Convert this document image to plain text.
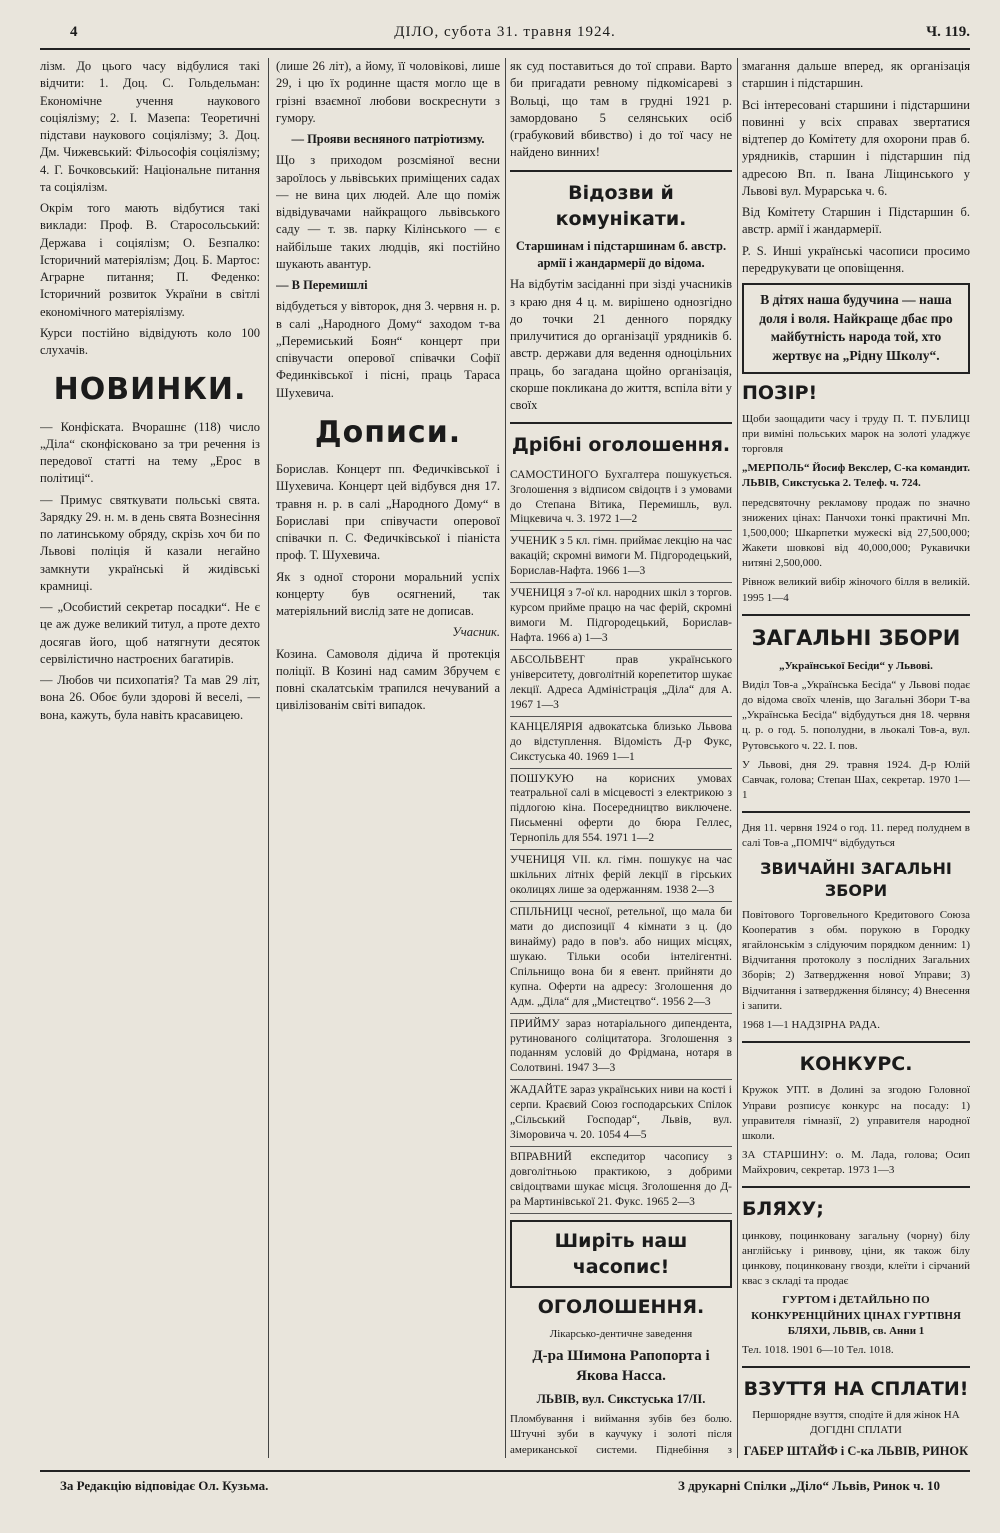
4	ДІЛО, субота 31. травня 1924.	Ч. 119.

лізм. До цього часу відбулися такі відчити: 1. Доц. С. Гольдельман: Економічне учення наукового соціялізму; 2. І. Мазепа: Теоретичні підстави наукового соціялізму; 3. Доц. Дм. Чижевський: Фільософія соціялізму; 4. Г. Бочковський: Національне питання та соціялізм.

Окрім того мають відбутися такі виклади: Проф. В. Старосольський: Держава і соціялізм; О. Безпалко: Історичний матеріялізм; Доц. Б. Мартос: Аграрне питання; П. Феденко: Історичний розвиток України в світлі економічного матеріялізму.

Курси постійно відвідують коло 100 слухачів.

НОВИНКИ.

— Конфіската. Вчорашнє (118) число „Діла“ сконфісковано за три речення із передової статті на тему „Ерос в політиці“.

— Примус святкувати польські свята. Зарядку 29. н. м. в день свята Вознесіння по латинському обряду, скрізь хоч би по Львові поліція й казали негайно замкнути українські й жидівські крамниці.

— „Особистий секретар посадки“. Не є це аж дуже великий титул, а проте дехто досягав його, щоб натягнути десяток сервілістично настроєних багатирів.

— Любов чи психопатія? Та мав 29 літ, вона 26. Обоє були здорові й веселі, — вона, кажуть, була навіть красавицею.

(лише 26 літ), а йому, її чоловікові, лише 29, і цю їх родинне щастя могло ще в грізні взаємної любови воскреснути з гумору.

— Прояви весняного патріотизму.

Що з приходом розсміяної весни зароїлось у львівських приміщених садах — не вина цих людей. Але що поміж відвідувачами найкращого львівського саду — т. зв. парку Кілінського — є найбільше таких людців, які постійно шукають авантур.

— В Перемишлі

відбудеться у вівторок, дня 3. червня н. р. в салі „Народного Дому“ заходом т-ва „Перемиський Боян“ концерт при співучасти оперової співачки Софії Фединківської і пісні, праць Тараса Шухевича.

Дописи.

Борислав. Концерт пп. Федичківської і Шухевича. Концерт цей відбувся дня 17. травня н. р. в салі „Народного Дому“ в Бориславі при співучасти оперової співачки п. С. Федичківської і піаніста проф. Т. Шухевича.

Як з одної сторони моральний успіх концерту був осягнений, так матеріяльний вислід зате не дописав.

Учасник.

Козина. Самоволя дідича й протекція поліції. В Козині над самим Збручем є повні скалатськім трапился нечуваний а цивілізованім світі випадок.

як суд поставиться до тої справи. Варто би пригадати ревному підкомісареві з Вольці, що там в грудні 1921 р. замордовано 5 селянських осіб (грабуковий вбивство) і до тої часу не найдено винних!

Відозви й комунікати.

Старшинам і підстаршинам б. австр. армії і жандармерії до відома.

На відбутім засіданні при зізді учасників з краю дня 4 ц. м. вирішено однозгідно до точки 21 денного порядку прилучитися до організації урядників б. австр. держави для ведення одноцільних праць, бо загадана щойно організація, скорше покликана до життя, вспіла віти у своїх

Дрібні оголошення.
САМОСТИНОГО Бухгалтера пошукується. Зголошення з відписом свідоцтв і з умовами до Степана Вітика, Перемишль, вул. Міцкевича ч. 3. 1972 1—2
УЧЕНИК з 5 кл. гімн. приймає лекцію на час вакацій; скромні вимоги М. Підгородецький, Борислав-Нафта. 1966 1—3
УЧЕНИЦЯ з 7-ої кл. народних шкіл з торгов. курсом прийме працю на час ферій, скромні вимоги М. Підгородецький, Борислав-Нафта. 1966 а) 1—3
АБСОЛЬВЕНТ прав українського університету, довголітній корепетитор шукає лекції. Адреса Адміністрація „Діла“ для А. 1967 1—3
КАНЦЕЛЯРІЯ адвокатська близько Львова до відступлення. Відомість Д-р Фукс, Сикстуська 40. 1969 1—1
ПОШУКУЮ на корисних умовах театральної салі в місцевості з електрикою з підлогою кіна. Посередництво виключене. Письменні оферти до бюра Геллес, Тернопіль для 554. 1971 1—2
УЧЕНИЦЯ VII. кл. гімн. пошукує на час шкільних літніх ферій лекції в гірських околицях лише за одержанням. 1938 2—3
СПІЛЬНИЦІ чесної, ретельної, що мала би мати до диспозиції 4 кімнати з ц. (до винайму) радо в пов'з. або нищих місцях, шукаю. Тільки особи інтелігентні. Спільнищо вона би я евент. прийняти до купна. Оферти на адресу: Зголошення до Адм. „Діла“ для „Мистецтво“. 1956 2—3
ПРИЙМУ зараз нотаріального дипендента, рутинованого соліцитатора. Зголошення з поданням условій до Фрідмана, нотаря в Солотвині. 1947 3—3
ЖАДАЙТЕ зараз українських ниви на кості і серпи. Краєвий Союз господарських Спілок „Сільський Господар“, Львів, вул. Зіморовича ч. 20. 1054 4—5
ВПРАВНИЙ експедитор часопису з довголітньою практикою, з добрими свідоцтвами шукає місця. Зголошення до Д-ра Мартинівської 21. Фукс. 1965 2—3
Ширіть наш часопис!
ОГОЛОШЕННЯ.

Лікарсько-дентичне заведення

Д-ра Шимона Рапопорта і Якова Насса.

ЛЬВІВ, вул. Сикстуська 17/ІІ.

Пломбування і виймання зубів без болю. Штучні зуби в каучуку і золоті після американської системи. Піднебіння з

змагання дальше вперед, як організація старшин і підстаршин.

Всі інтересовані старшини і підстаршини повинні у всіх справах звертатися відтепер до Комітету для охорони прав б. урядників, старшин і підстаршин під адресою Вп. п. Івана Ліщинського у Львові вул. Мурарська ч. 6.

Від Комітету Старшин і Підстаршин б. австр. армії і жандармерії.

P. S. Инші українські часописи просимо передрукувати це оповіщення.

В дітях наша будучина — наша доля і воля. Найкраще дбає про майбутність народа той, хто жертвує на „Рідну Школу“.
ПОЗІР!

Щоби заощадити часу і труду П. Т. ПУБЛИЦІ при виміні польських марок на золоті уладжує торговля

„МЕРПОЛЬ“ Йосиф Векслер, С-ка командит. ЛЬВІВ, Сикстуська 2. Телеф. ч. 724.

передсвяточну рекламову продаж по значно знижених цінах: Панчохи тонкі практичні Мп. 1,500,000; Шкарпетки мужескі від 27,500,000; Жакети шовкові від 40,000,000; Рукавички нитяні 2,500,000.

Рівнож великий вибір жіночого білля в великій. 1995 1—4

ЗАГАЛЬНІ ЗБОРИ

„Української Бесіди“ у Львові.

Виділ Тов-а „Українська Бесіда“ у Львові подає до відома своїх членів, що Загальні Збори Т-ва „Українська Бесіда“ відбудуться дня 18. червня ц. р. о год. 5. пополудни, в льокалі Тов-а, вул. Рутовського ч. 22. І. пов.

У Львові, дня 29. травня 1924. Д-р Юлій Савчак, голова; Степан Шах, секретар. 1970 1—1

Дня 11. червня 1924 о год. 11. перед полуднем в салі Тов-а „ПОМІЧ“ відбудуться

ЗВИЧАЙНІ ЗАГАЛЬНІ ЗБОРИ

Повітового Торговельного Кредитового Союза Кооператив з обм. порукою в Городку ягайлонськім з слідуючим порядком денним: 1) Відчитання протоколу з послідних Загальних Зборів; 2) Затвердження нової Управи; 3) Відчитання і затвердження білянсу; 4) Внесення і запити.

1968 1—1 НАДЗІРНА РАДА.

КОНКУРС.

Кружок УПТ. в Долині за згодою Головної Управи розписує конкурс на посаду: 1) управителя гімназії, 2) управителя народної школи.

ЗА СТАРШИНУ: о. М. Лада, голова; Осип Майхрович, секретар. 1973 1—3

БЛЯХУ;

цинкову, поцинковану загальну (чорну) білу англійську і ринвову, ціни, як також білу цинкову, поцинковану гвозди, клеїти і сірчаний квас з складі та продає

ГУРТОМ і ДЕТАЙЛЬНО ПО КОНКУРЕНЦІЙНИХ ЦІНАХ ГУРТІВНЯ БЛЯХИ, ЛЬВІВ, св. Анни 1

Тел. 1018. 1901 6—10 Тел. 1018.

ВЗУТТЯ НА СПЛАТИ!

Першорядне взуття, сподіте й для жінок НА ДОГІДНІ СПЛАТИ

ГАБЕР ШТАЙФ і С-ка ЛЬВІВ, РИНОК

За Редакцію відповідає Ол. Кузьма.	З друкарні Спілки „Діло“ Львів, Ринок ч. 10
